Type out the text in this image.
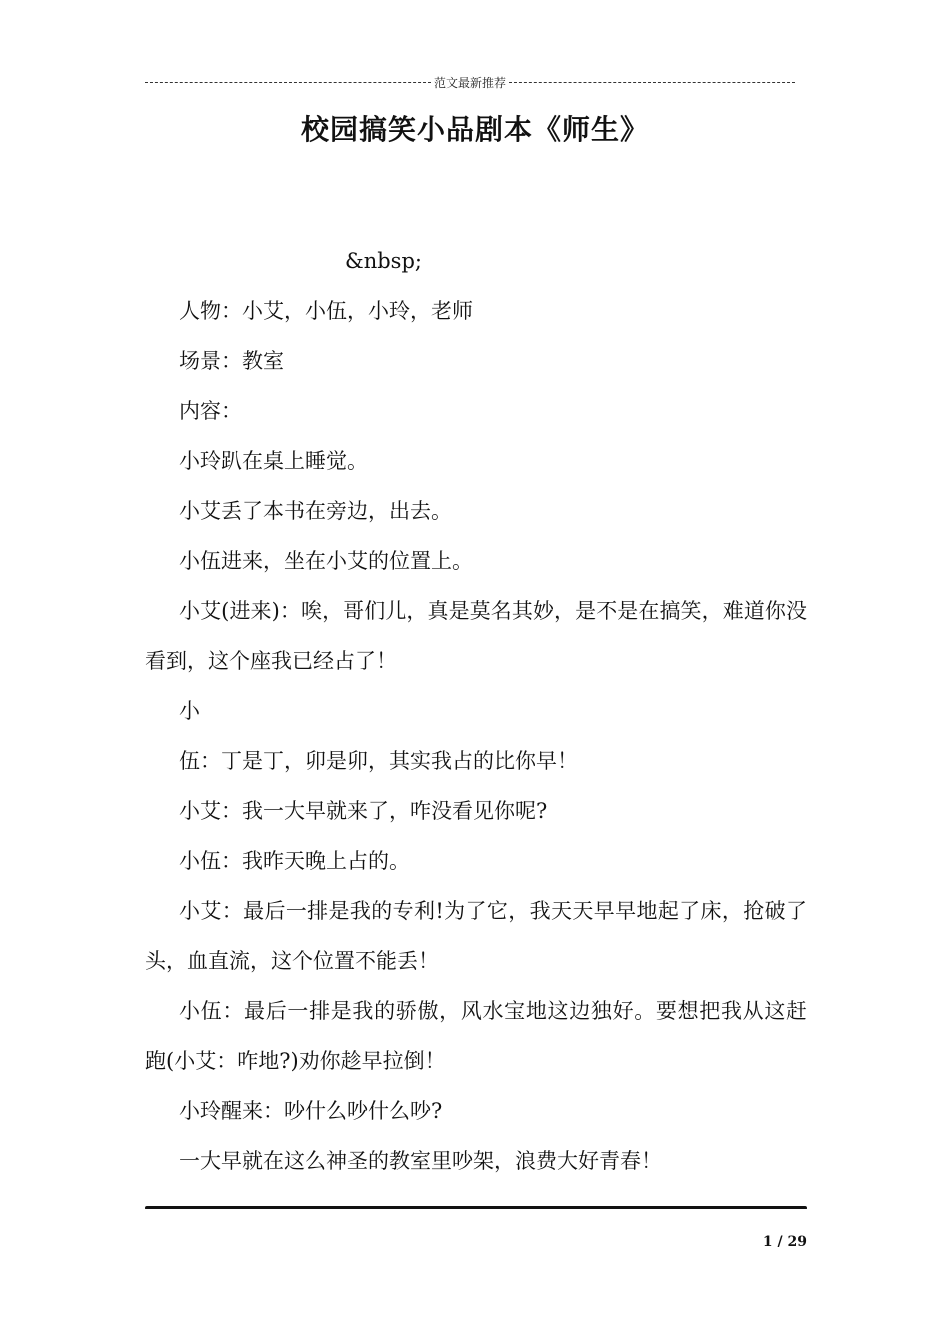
范文最新推荐
校园搞笑小品剧本《师生》

&nbsp;

人物：小艾，小伍，小玲，老师

场景：教室

内容：

小玲趴在桌上睡觉。

小艾丢了本书在旁边，出去。

小伍进来，坐在小艾的位置上。

小艾(进来)：唉，哥们儿，真是莫名其妙，是不是在搞笑，难道你没看到，这个座我已经占了！

小

伍：丁是丁，卯是卯，其实我占的比你早！

小艾：我一大早就来了，咋没看见你呢?

小伍：我昨天晚上占的。

小艾：最后一排是我的专利!为了它，我天天早早地起了床，抢破了头，血直流，这个位置不能丢！

小伍：最后一排是我的骄傲，风水宝地这边独好。要想把我从这赶跑(小艾：咋地?)劝你趁早拉倒！

小玲醒来：吵什么吵什么吵?

一大早就在这么神圣的教室里吵架，浪费大好青春！

1 / 29
